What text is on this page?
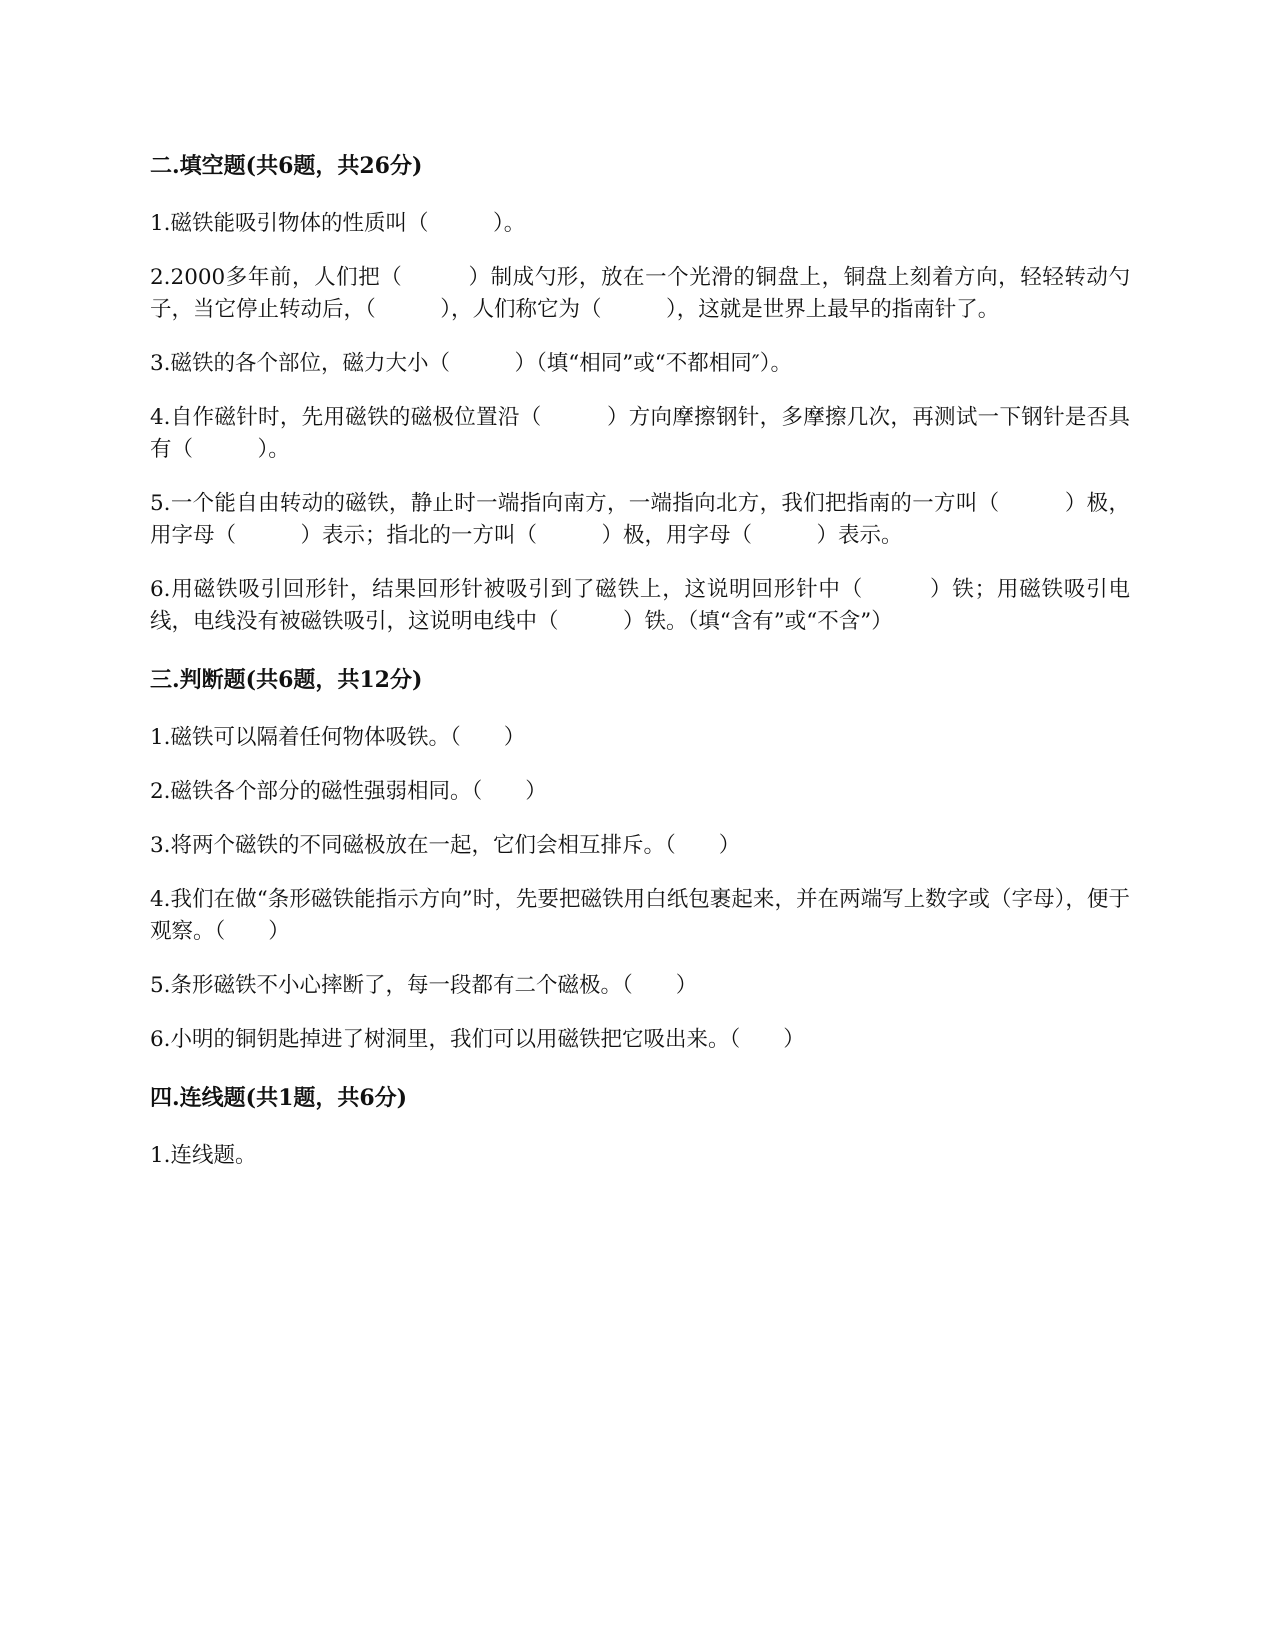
二.填空题(共6题，共26分)

1.磁铁能吸引物体的性质叫（　　　）。

2.2000多年前，人们把（　　　）制成勺形，放在一个光滑的铜盘上，铜盘上刻着方向，轻轻转动勺子，当它停止转动后，（　　　），人们称它为（　　　），这就是世界上最早的指南针了。

3.磁铁的各个部位，磁力大小（　　　）（填“相同”或“不都相同″）。

4.自作磁针时，先用磁铁的磁极位置沿（　　　）方向摩擦钢针，多摩擦几次，再测试一下钢针是否具有（　　　）。

5.一个能自由转动的磁铁，静止时一端指向南方，一端指向北方，我们把指南的一方叫（　　　）极，用字母（　　　）表示；指北的一方叫（　　　）极，用字母（　　　）表示。

6.用磁铁吸引回形针，结果回形针被吸引到了磁铁上，这说明回形针中（　　　）铁；用磁铁吸引电线，电线没有被磁铁吸引，这说明电线中（　　　）铁。（填“含有”或“不含”）

三.判断题(共6题，共12分)

1.磁铁可以隔着任何物体吸铁。（　　）

2.磁铁各个部分的磁性强弱相同。（　　）

3.将两个磁铁的不同磁极放在一起，它们会相互排斥。（　　）

4.我们在做“条形磁铁能指示方向”时，先要把磁铁用白纸包裹起来，并在两端写上数字或（字母），便于观察。（　　）

5.条形磁铁不小心摔断了，每一段都有二个磁极。（　　）

6.小明的铜钥匙掉进了树洞里，我们可以用磁铁把它吸出来。（　　）

四.连线题(共1题，共6分)

1.连线题。
